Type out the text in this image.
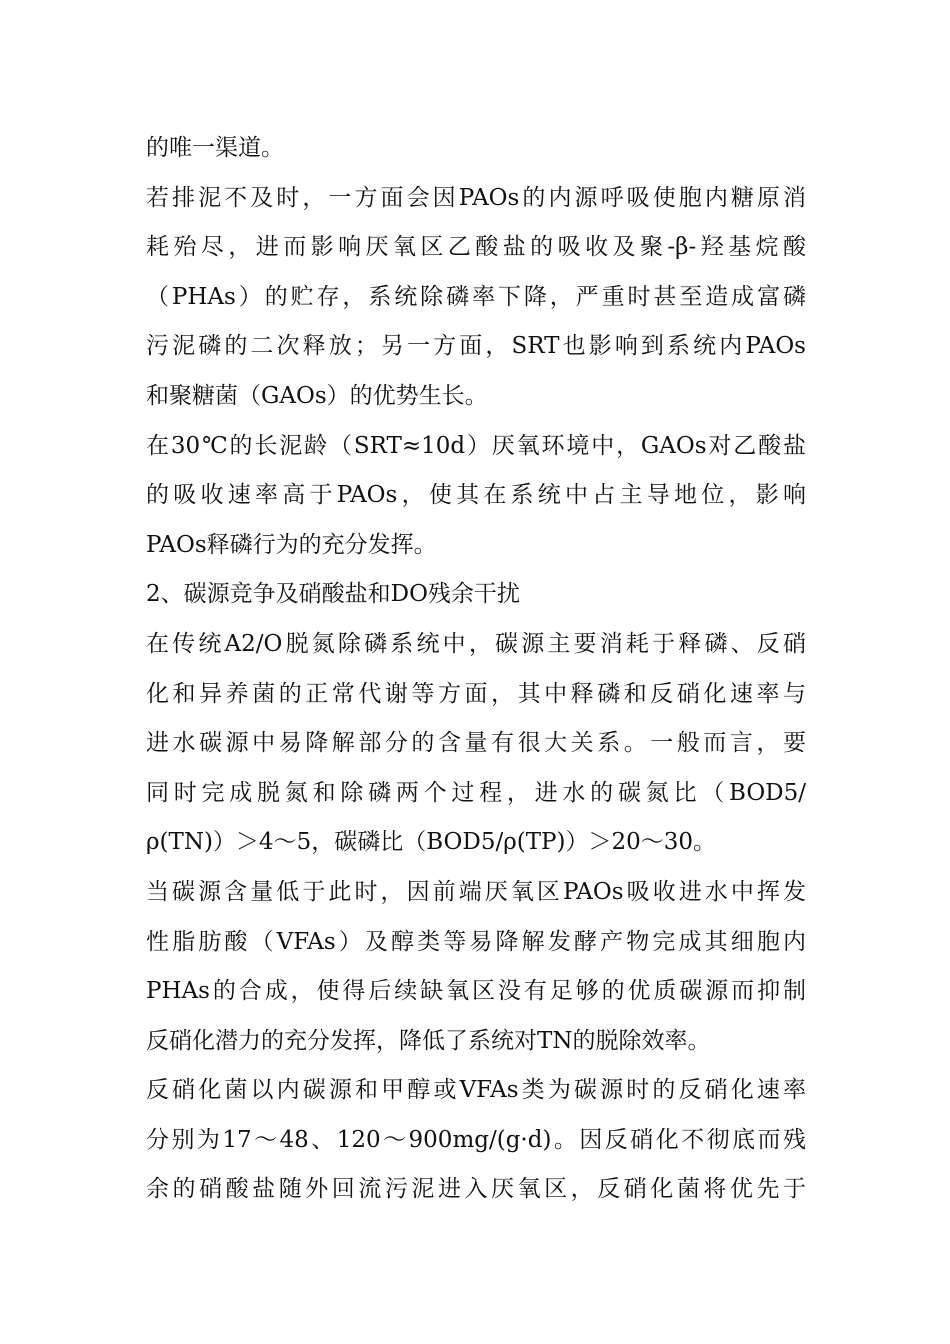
的唯一渠道。
若排泥不及时，一方面会因PAOs的内源呼吸使胞内糖原消
耗殆尽，进而影响厌氧区乙酸盐的吸收及聚-β-羟基烷酸
（PHAs）的贮存，系统除磷率下降，严重时甚至造成富磷
污泥磷的二次释放；另一方面，SRT也影响到系统内PAOs
和聚糖菌（GAOs）的优势生长。
在30℃的长泥龄（SRT≈10d）厌氧环境中，GAOs对乙酸盐
的吸收速率高于PAOs，使其在系统中占主导地位，影响
PAOs释磷行为的充分发挥。
2、碳源竞争及硝酸盐和DO残余干扰
在传统A2/O脱氮除磷系统中，碳源主要消耗于释磷、反硝
化和异养菌的正常代谢等方面，其中释磷和反硝化速率与
进水碳源中易降解部分的含量有很大关系。一般而言，要
同时完成脱氮和除磷两个过程，进水的碳氮比（BOD5/
ρ(TN)）＞4～5，碳磷比（BOD5/ρ(TP)）＞20～30。
当碳源含量低于此时，因前端厌氧区PAOs吸收进水中挥发
性脂肪酸（VFAs）及醇类等易降解发酵产物完成其细胞内
PHAs的合成，使得后续缺氧区没有足够的优质碳源而抑制
反硝化潜力的充分发挥，降低了系统对TN的脱除效率。
反硝化菌以内碳源和甲醇或VFAs类为碳源时的反硝化速率
分别为17～48、120～900mg/(g·d)。因反硝化不彻底而残
余的硝酸盐随外回流污泥进入厌氧区，反硝化菌将优先于
